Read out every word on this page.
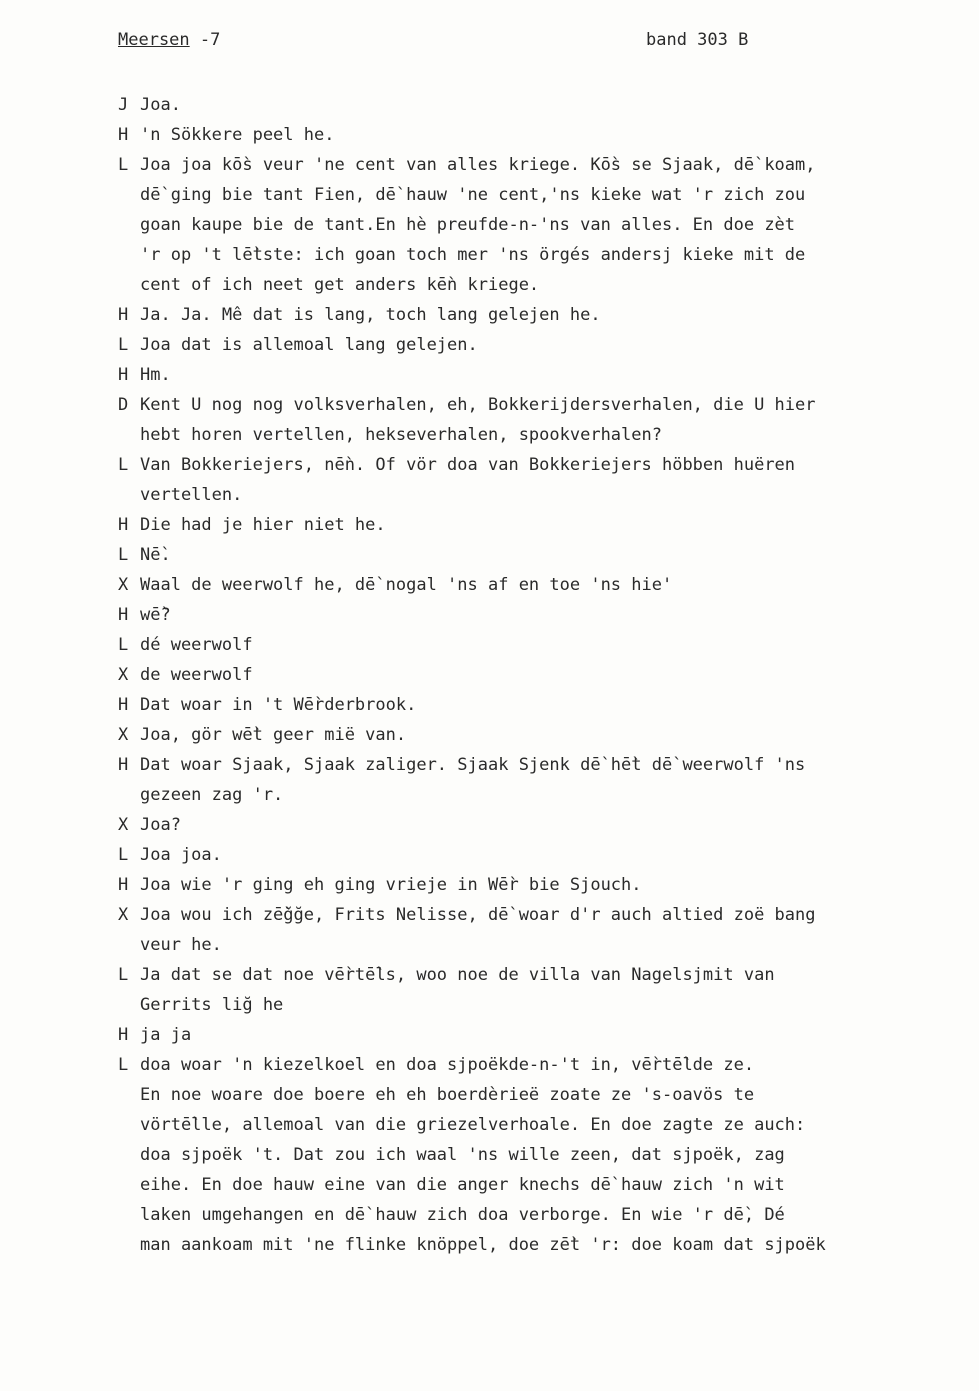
Meersen -7	band 303 B
J Joa.
H 'n Sökkere peel he.
L Joa joa kṑs veur 'ne cent van alles kriege. Kṑs se Sjaak, dḕ koam,
dḕ ging bie tant Fien, dḕ hauw 'ne cent,'ns kieke wat 'r zich zou
goan kaupe bie de tant.En hè preufde-n-'ns van alles. En doe zèt
'r op 't lḕtste: ich goan toch mer 'ns örgés andersj kieke mit de
cent of ich neet get anders kḕn kriege.
H Ja. Ja. Mê dat is lang, toch lang gelejen he.
L Joa dat is allemoal lang gelejen.
H Hm.
D Kent U nog nog volksverhalen, eh, Bokkerijdersverhalen, die U hier
hebt horen vertellen, hekseverhalen, spookverhalen?
L Van Bokkeriejers, nḕn. Of vör doa van Bokkeriejers höbben huëren
vertellen.
H Die had je hier niet he.
L Nḕ.
X Waal de weerwolf he, dḕ nogal 'ns af en toe 'ns hie'
H wḕ?
L dé weerwolf
X de weerwolf
H Dat woar in 't Wḕrderbrook.
X Joa, gör wḕt geer mië van.
H Dat woar Sjaak, Sjaak zaliger. Sjaak Sjenk dḕ hḕt dḕ weerwolf 'ns
gezeen zag 'r.
X Joa?
L Joa joa.
H Joa wie 'r ging eh ging vrieje in Wḕr bie Sjouch.
X Joa wou ich zḕğğe, Frits Nelisse, dḕ woar d'r auch altied zoë bang
veur he.
L Ja dat se dat noe vḕrtḕls, woo noe de villa van Nagelsjmit van
Gerrits liğ he
H ja ja
L doa woar 'n kiezelkoel en doa sjpoëkde-n-'t in, vḕrtḕlde ze.
En noe woare doe boere eh eh boerdèrieë zoate ze 's-oavös te
vörtḕlle, allemoal van die griezelverhoale. En doe zagte ze auch:
doa sjpoëk 't. Dat zou ich waal 'ns wille zeen, dat sjpoëk, zag
eihe. En doe hauw eine van die anger knechs dḕ hauw zich 'n wit
laken umgehangen en dḕ hauw zich doa verborge. En wie 'r dḕ, Dé
man aankoam mit 'ne flinke knöppel, doe zḕt 'r: doe koam dat sjpoëk
